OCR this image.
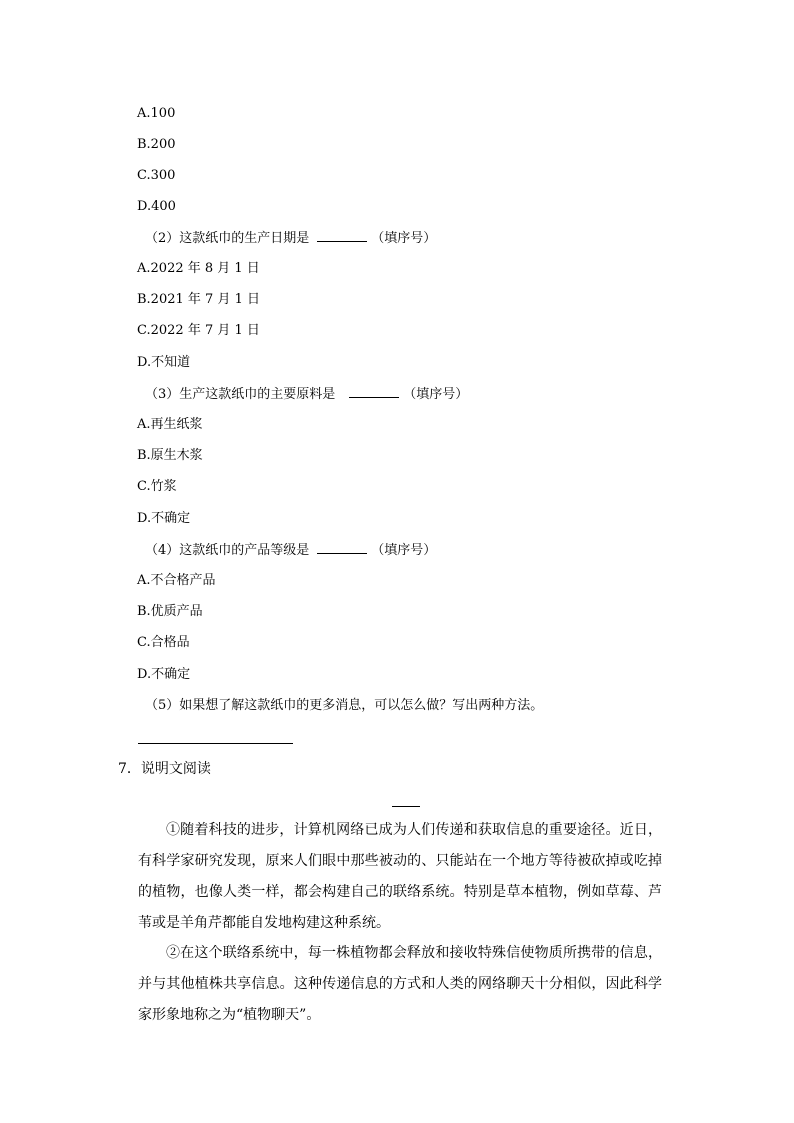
A.100
B.200
C.300
D.400
（2）这款纸巾的生产日期是	（填序号）
A.2022 年 8 月 1 日
B.2021 年 7 月 1 日
C.2022 年 7 月 1 日
D.不知道
（3）生产这款纸巾的主要原料是	（填序号）
A.再生纸浆
B.原生木浆
C.竹浆
D.不确定
（4）这款纸巾的产品等级是	（填序号）
A.不合格产品
B.优质产品
C.合格品
D.不确定
（5）如果想了解这款纸巾的更多消息，可以怎么做？写出两种方法。
7．说明文阅读
①随着科技的进步，计算机网络已成为人们传递和获取信息的重要途径。近日，有科学家研究发现，原来人们眼中那些被动的、只能站在一个地方等待被砍掉或吃掉的植物，也像人类一样，都会构建自己的联络系统。特别是草本植物，例如草莓、芦苇或是羊角芹都能自发地构建这种系统。
②在这个联络系统中，每一株植物都会释放和接收特殊信使物质所携带的信息，并与其他植株共享信息。这种传递信息的方式和人类的网络聊天十分相似，因此科学家形象地称之为“植物聊天”。
